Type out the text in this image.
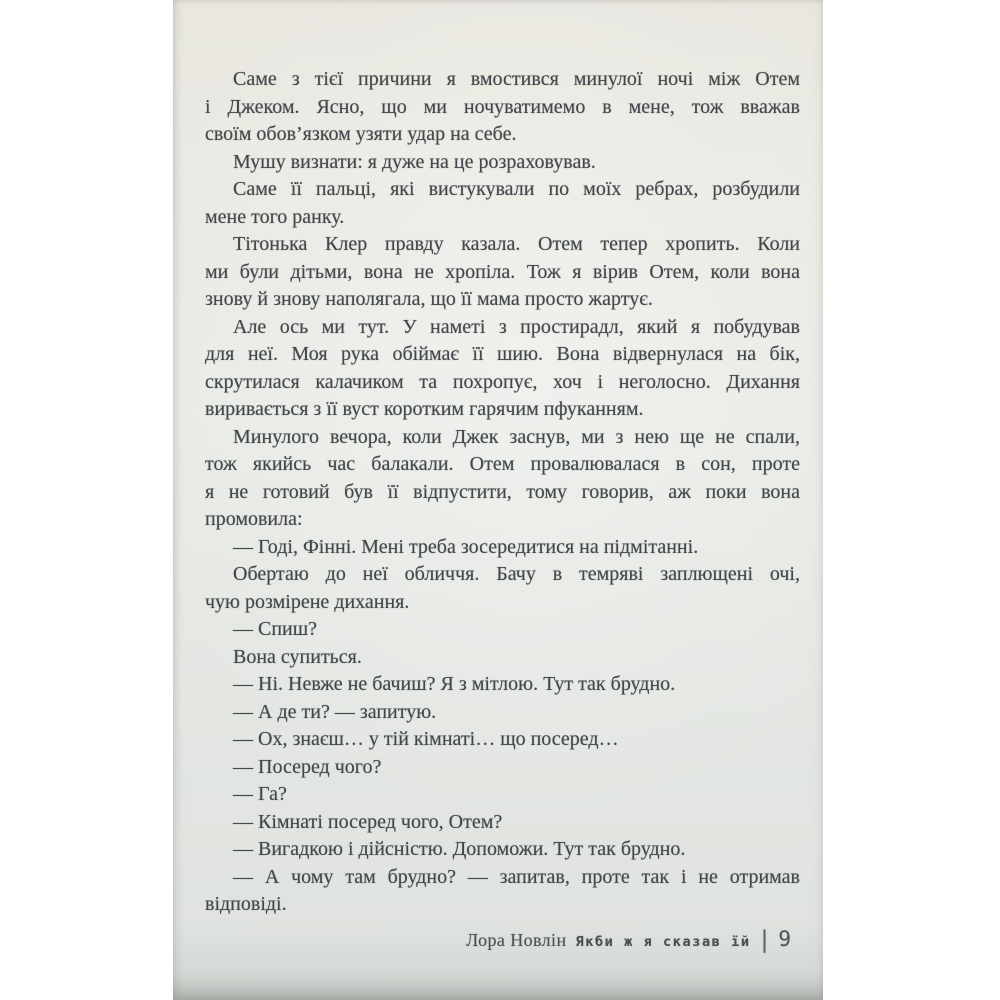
Саме з тієї причини я вмостився минулої ночі між Отем
і Джеком. Ясно, що ми ночуватимемо в мене, тож вважав
своїм обов’язком узяти удар на себе.
Мушу визнати: я дуже на це розраховував.
Саме її пальці, які вистукували по моїх ребрах, розбудили
мене того ранку.
Тітонька Клер правду казала. Отем тепер хропить. Коли
ми були дітьми, вона не хропіла. Тож я вірив Отем, коли вона
знову й знову наполягала, що її мама просто жартує.
Але ось ми тут. У наметі з простирадл, який я побудував
для неї. Моя рука обіймає її шию. Вона відвернулася на бік,
скрутилася калачиком та похропує, хоч і неголосно. Дихання
виривається з її вуст коротким гарячим пфуканням.
Минулого вечора, коли Джек заснув, ми з нею ще не спали,
тож якийсь час балакали. Отем провалювалася в сон, проте
я не готовий був її відпустити, тому говорив, аж поки вона
промовила:
— Годі, Фінні. Мені треба зосередитися на підмітанні.
Обертаю до неї обличчя. Бачу в темряві заплющені очі,
чую розмірене дихання.
— Спиш?
Вона супиться.
— Ні. Невже не бачиш? Я з мітлою. Тут так брудно.
— А де ти? — запитую.
— Ох, знаєш… у тій кімнаті… що посеред…
— Посеред чого?
— Га?
— Кімнаті посеред чого, Отем?
— Вигадкою і дійсністю. Допоможи. Тут так брудно.
— А чому там брудно? — запитав, проте так і не отримав
відповіді.
Лора Новлін Якби ж я сказав їй | 9
